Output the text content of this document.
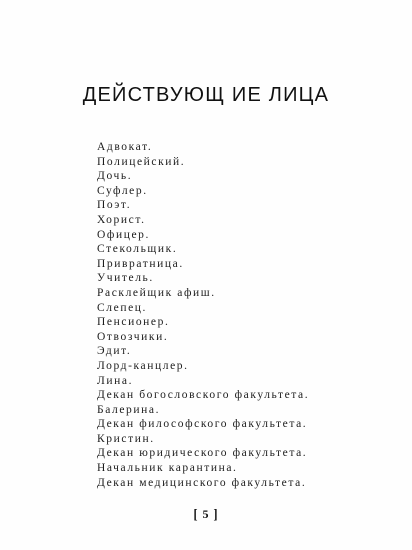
ДЕЙСТВУЮЩ ИЕ ЛИЦА
Адвокат.
Полицейский.
Дочь.
Суфлер.
Поэт.
Хорист.
Офицер.
Стекольщик.
Привратница.
Учитель.
Расклейщик афиш.
Слепец.
Пенсионер.
Отвозчики.
Эдит.
Лорд-канцлер.
Лина.
Декан богословского факультета.
Балерина.
Декан философского факультета.
Кристин.
Декан юридического факультета.
Начальник карантина.
Декан медицинского факультета.
[ 5 ]
